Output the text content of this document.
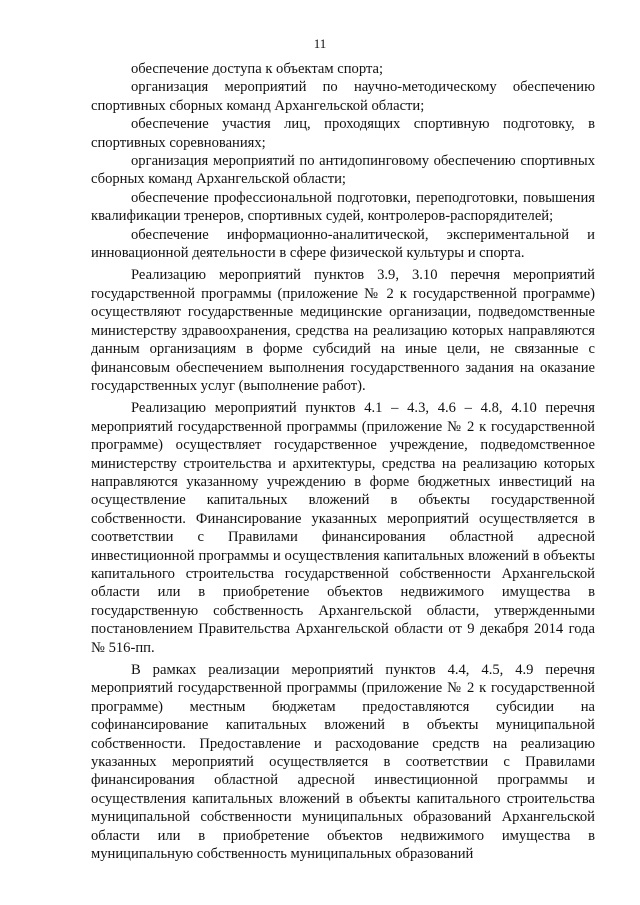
11

обеспечение доступа к объектам спорта;

организация мероприятий по научно-методическому обеспечению спортивных сборных команд Архангельской области;

обеспечение участия лиц, проходящих спортивную подготовку, в спортивных соревнованиях;

организация мероприятий по антидопинговому обеспечению спортивных сборных команд Архангельской области;

обеспечение профессиональной подготовки, переподготовки, повышения квалификации тренеров, спортивных судей, контролеров-распорядителей;

обеспечение информационно-аналитической, экспериментальной и инновационной деятельности в сфере физической культуры и спорта.

Реализацию мероприятий пунктов 3.9, 3.10 перечня мероприятий государственной программы (приложение № 2 к государственной программе) осуществляют государственные медицинские организации, подведомственные министерству здравоохранения, средства на реализацию которых направляются данным организациям в форме субсидий на иные цели, не связанные с финансовым обеспечением выполнения государственного задания на оказание государственных услуг (выполнение работ).

Реализацию мероприятий пунктов 4.1 – 4.3, 4.6 – 4.8, 4.10 перечня мероприятий государственной программы (приложение № 2 к государственной программе) осуществляет государственное учреждение, подведомственное министерству строительства и архитектуры, средства на реализацию которых направляются указанному учреждению в форме бюджетных инвестиций на осуществление капитальных вложений в объекты государственной собственности. Финансирование указанных мероприятий осуществляется в соответствии с Правилами финансирования областной адресной инвестиционной программы и осуществления капитальных вложений в объекты капитального строительства государственной собственности Архангельской области или в приобретение объектов недвижимого имущества в государственную собственность Архангельской области, утвержденными постановлением Правительства Архангельской области от 9 декабря 2014 года № 516-пп.

В рамках реализации мероприятий пунктов 4.4, 4.5, 4.9 перечня мероприятий государственной программы (приложение № 2 к государственной программе) местным бюджетам предоставляются субсидии на софинансирование капитальных вложений в объекты муниципальной собственности. Предоставление и расходование средств на реализацию указанных мероприятий осуществляется в соответствии с Правилами финансирования областной адресной инвестиционной программы и осуществления капитальных вложений в объекты капитального строительства муниципальной собственности муниципальных образований Архангельской области или в приобретение объектов недвижимого имущества в муниципальную собственность муниципальных образований
